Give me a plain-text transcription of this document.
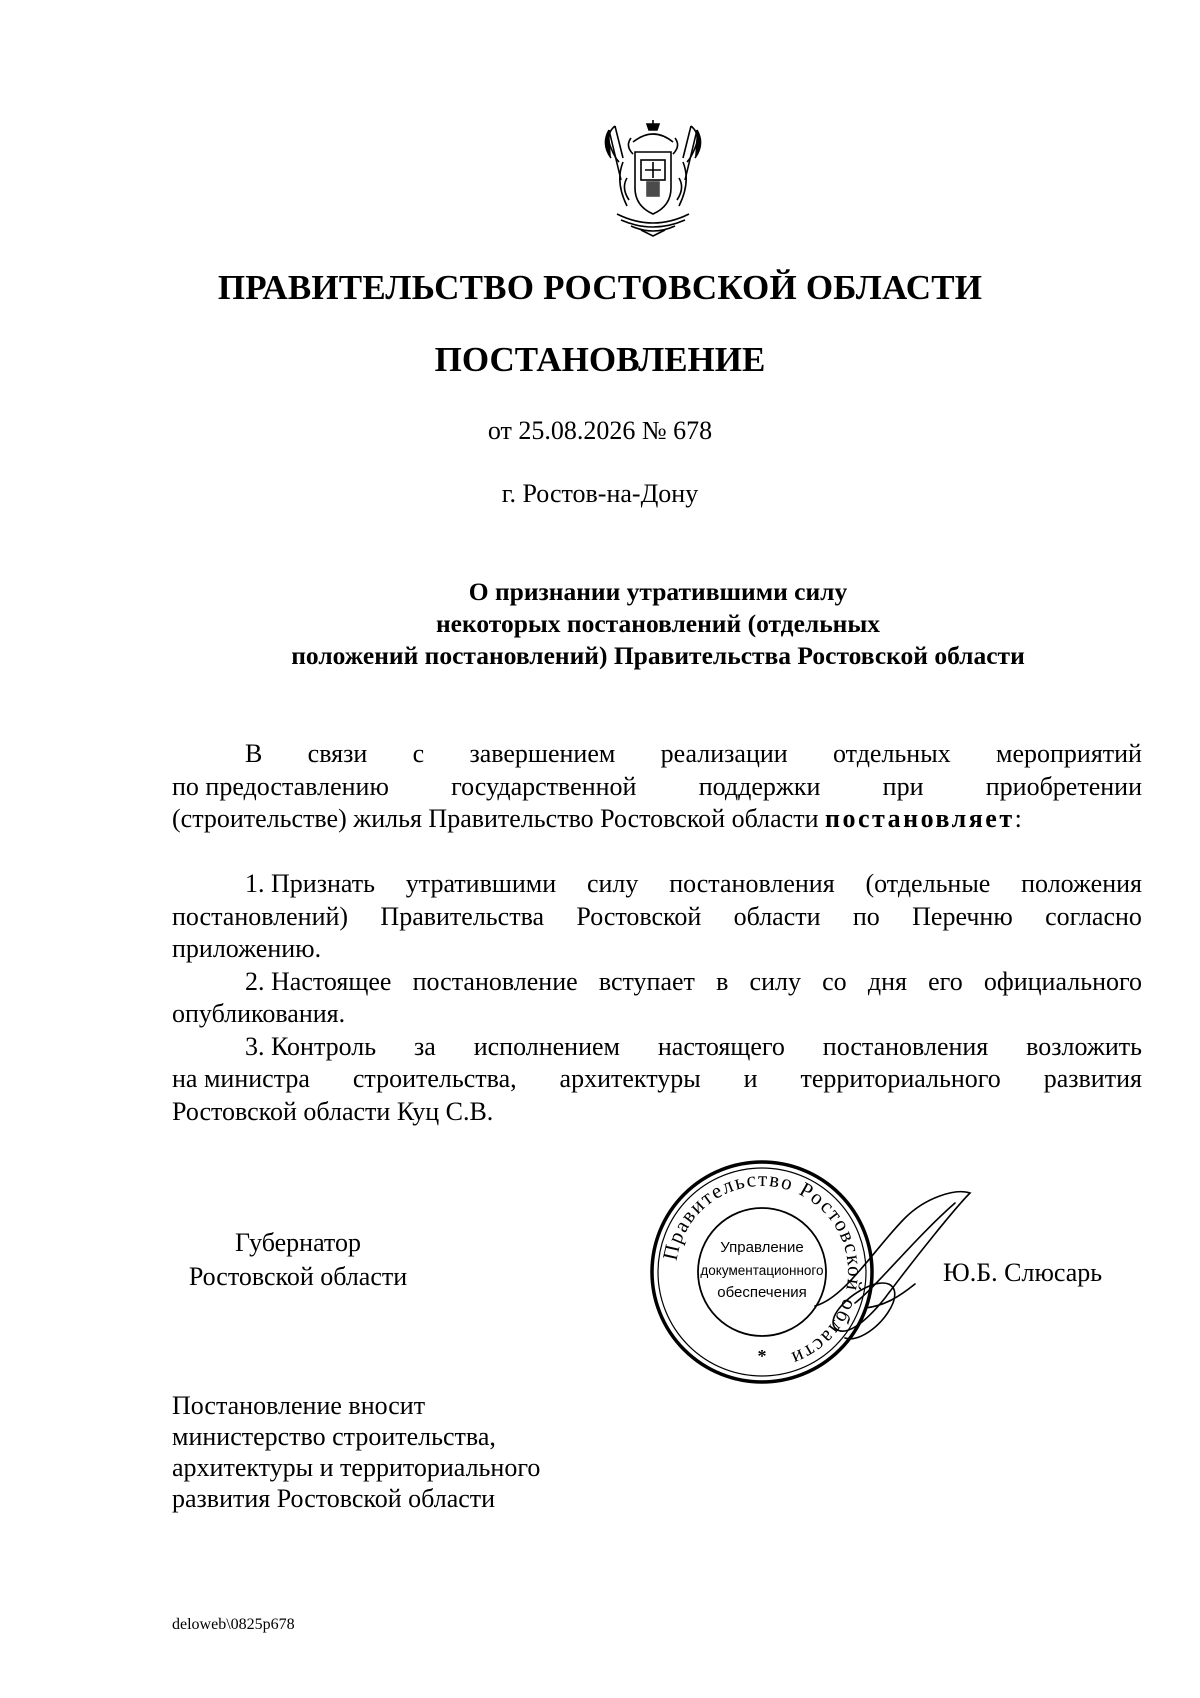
ПРАВИТЕЛЬСТВО РОСТОВСКОЙ ОБЛАСТИ
ПОСТАНОВЛЕНИЕ
от 25.08.2026 № 678
г. Ростов-на-Дону
О признании утратившими силу
некоторых постановлений (отдельных
положений постановлений) Правительства Ростовской области
В связи с завершением реализации отдельных мероприятий
по предоставлению государственной поддержки при приобретении
(строительстве) жилья Правительство Ростовской области постановляет:
1. Признать утратившими силу постановления (отдельные положения
постановлений) Правительства Ростовской области по Перечню согласно
приложению.
2. Настоящее постановление вступает в силу со дня его официального
опубликования.
3. Контроль за исполнением настоящего постановления возложить
на министра строительства, архитектуры и территориального развития
Ростовской области Куц С.В.
Губернатор
Ростовской области
Правительство Ростовской области
Управление
документационного
обеспечения
*
Ю.Б. Слюсарь
Постановление вносит
министерство строительства,
архитектуры и территориального
развития Ростовской области
deloweb\0825p678
